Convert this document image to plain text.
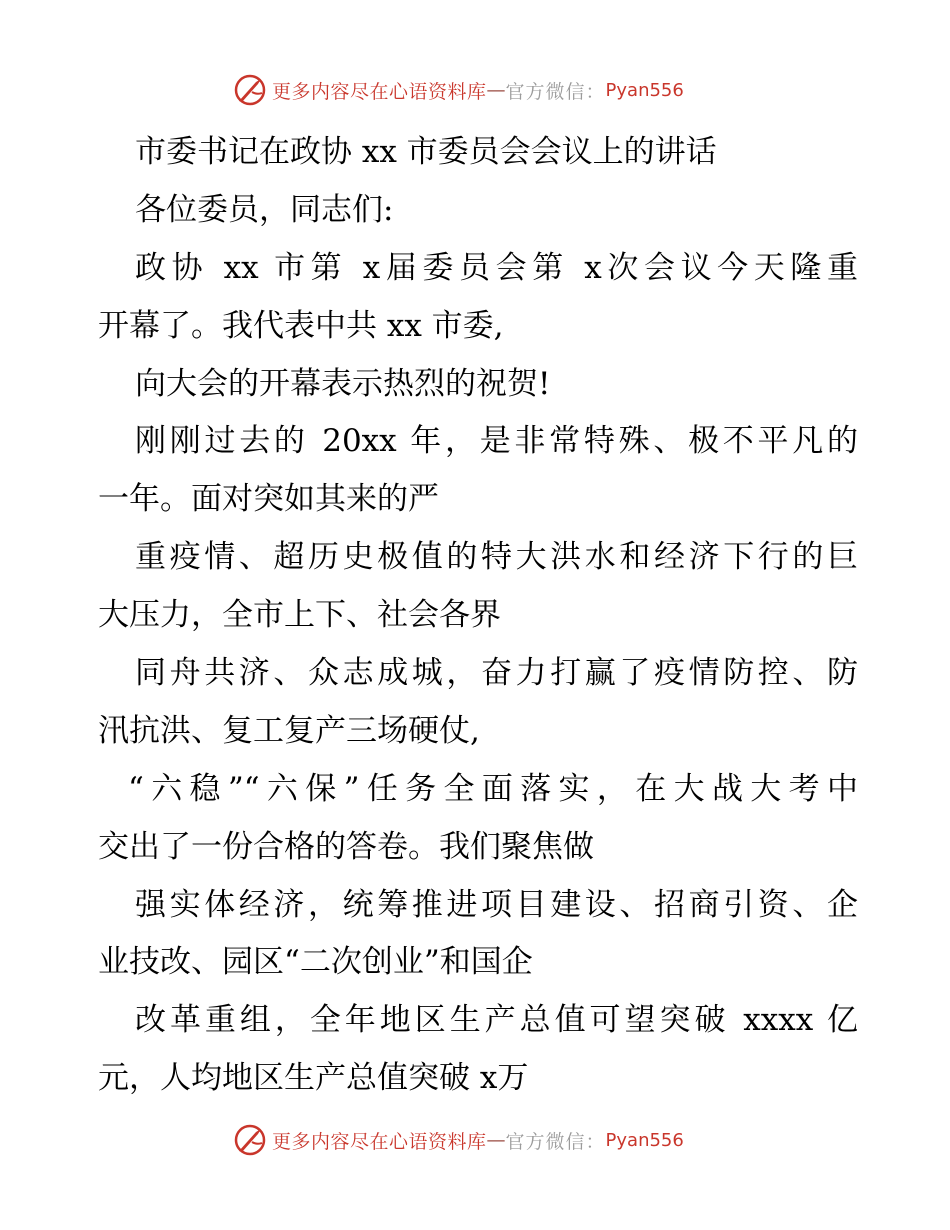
更多内容尽在心语资料库 — 官方微信： Pyan556
市委书记在政协 xx 市委员会会议上的讲话
各位委员，同志们:
政协 xx 市第 x届委员会第 x次会议今天隆重
开幕了。我代表中共 xx 市委,
向大会的开幕表示热烈的祝贺!
刚刚过去的 20xx 年，是非常特殊、极不平凡的
一年。面对突如其来的严
重疫情、超历史极值的特大洪水和经济下行的巨
大压力，全市上下、社会各界
同舟共济、众志成城，奋力打赢了疫情防控、防
汛抗洪、复工复产三场硬仗,
“六稳”“六保”任务全面落实，在大战大考中
交出了一份合格的答卷。我们聚焦做
强实体经济，统筹推进项目建设、招商引资、企
业技改、园区“二次创业”和国企
改革重组，全年地区生产总值可望突破 xxxx 亿
元，人均地区生产总值突破 x万
更多内容尽在心语资料库 — 官方微信： Pyan556
